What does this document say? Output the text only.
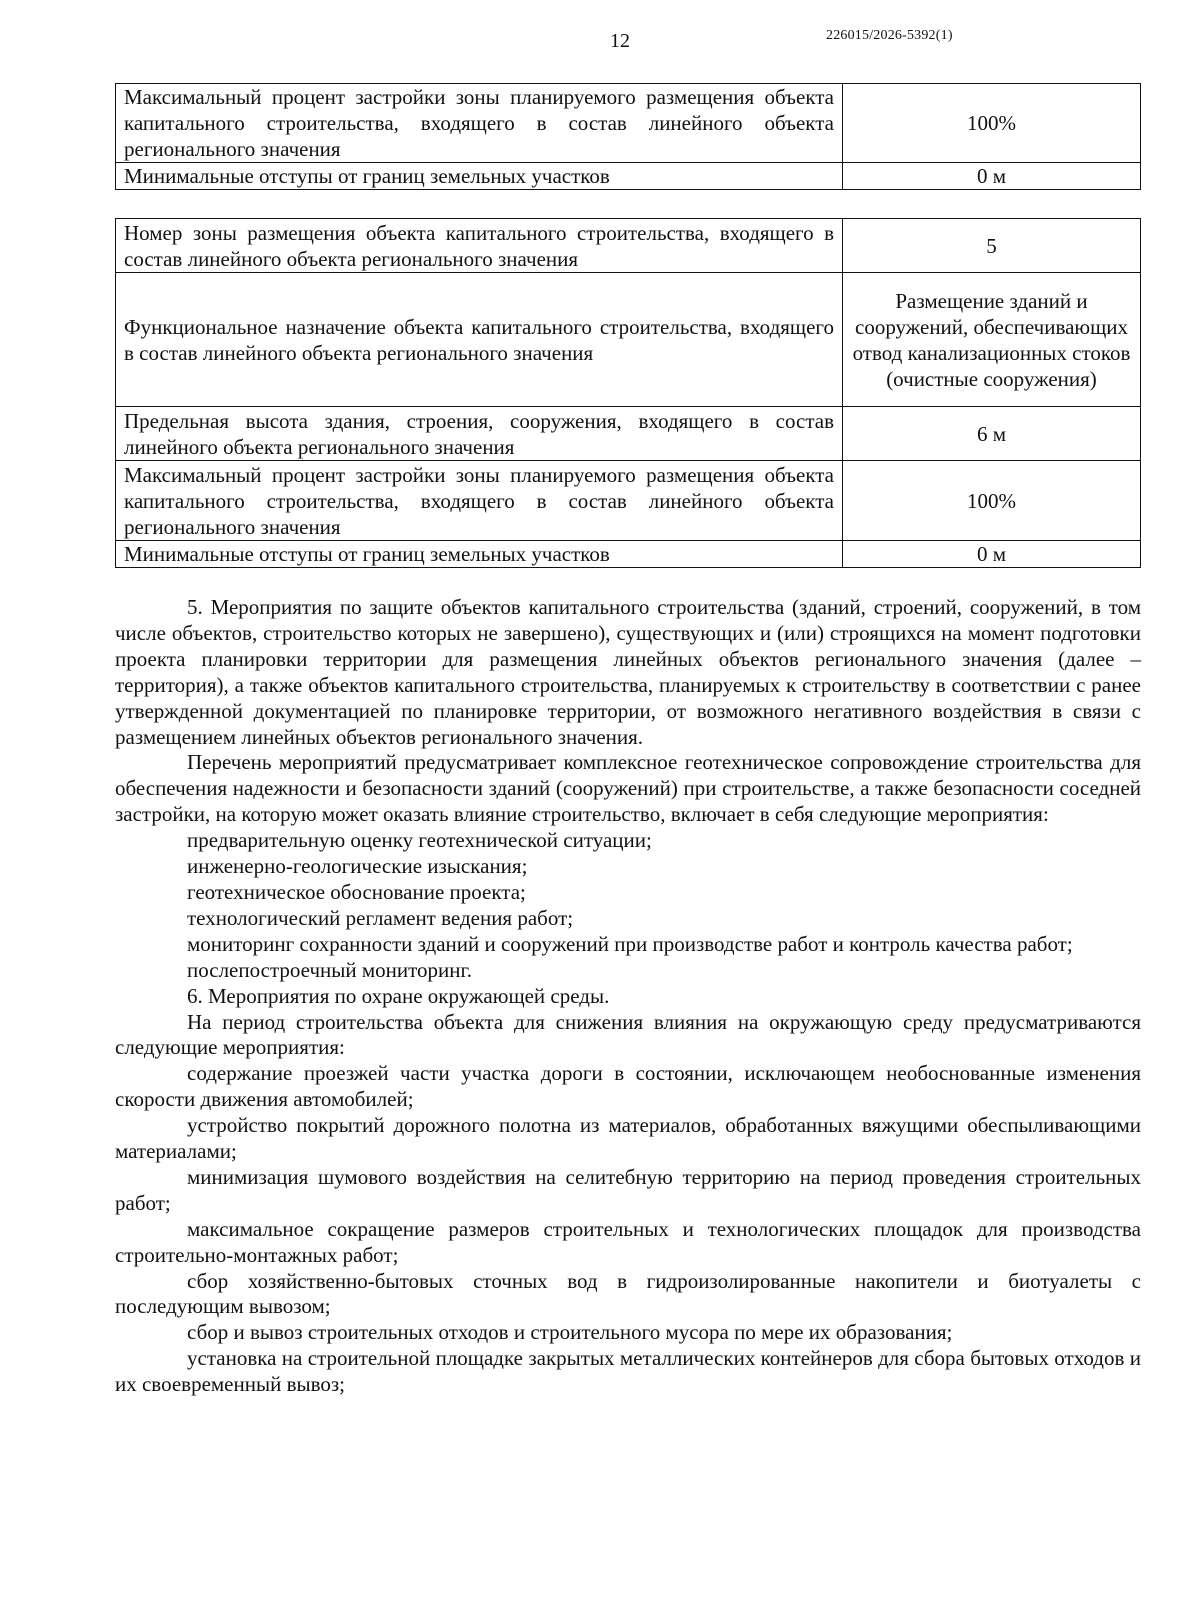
12	226015/2026-5392(1)
Максимальный процент застройки зоны планируемого размещения объекта капитального строительства, входящего в состав линейного объекта регионального значения	100%
Минимальные отступы от границ земельных участков	0 м
Номер зоны размещения объекта капитального строительства, входящего в состав линейного объекта регионального значения	5
Функциональное назначение объекта капитального строительства, входящего в состав линейного объекта регионального значения	Размещение зданий и сооружений, обеспечивающих отвод канализационных стоков (очистные сооружения)
Предельная высота здания, строения, сооружения, входящего в состав линейного объекта регионального значения	6 м
Максимальный процент застройки зоны планируемого размещения объекта капитального строительства, входящего в состав линейного объекта регионального значения	100%
Минимальные отступы от границ земельных участков	0 м

5. Мероприятия по защите объектов капитального строительства (зданий, строений, сооружений, в том числе объектов, строительство которых не завершено), существующих и (или) строящихся на момент подготовки проекта планировки территории для размещения линейных объектов регионального значения (далее – территория), а также объектов капитального строительства, планируемых к строительству в соответствии с ранее утвержденной документацией по планировке территории, от возможного негативного воздействия в связи с размещением линейных объектов регионального значения.

Перечень мероприятий предусматривает комплексное геотехническое сопровождение строительства для обеспечения надежности и безопасности зданий (сооружений) при строительстве, а также безопасности соседней застройки, на которую может оказать влияние строительство, включает в себя следующие мероприятия:

предварительную оценку геотехнической ситуации;

инженерно-геологические изыскания;

геотехническое обоснование проекта;

технологический регламент ведения работ;

мониторинг сохранности зданий и сооружений при производстве работ и контроль качества работ;

послепостроечный мониторинг.

6. Мероприятия по охране окружающей среды.

На период строительства объекта для снижения влияния на окружающую среду предусматриваются следующие мероприятия:

содержание проезжей части участка дороги в состоянии, исключающем необоснованные изменения скорости движения автомобилей;

устройство покрытий дорожного полотна из материалов, обработанных вяжущими обеспыливающими материалами;

минимизация шумового воздействия на селитебную территорию на период проведения строительных работ;

максимальное сокращение размеров строительных и технологических площадок для производства строительно-монтажных работ;

сбор хозяйственно-бытовых сточных вод в гидроизолированные накопители и биотуалеты с последующим вывозом;

сбор и вывоз строительных отходов и строительного мусора по мере их образования;

установка на строительной площадке закрытых металлических контейнеров для сбора бытовых отходов и их своевременный вывоз;
